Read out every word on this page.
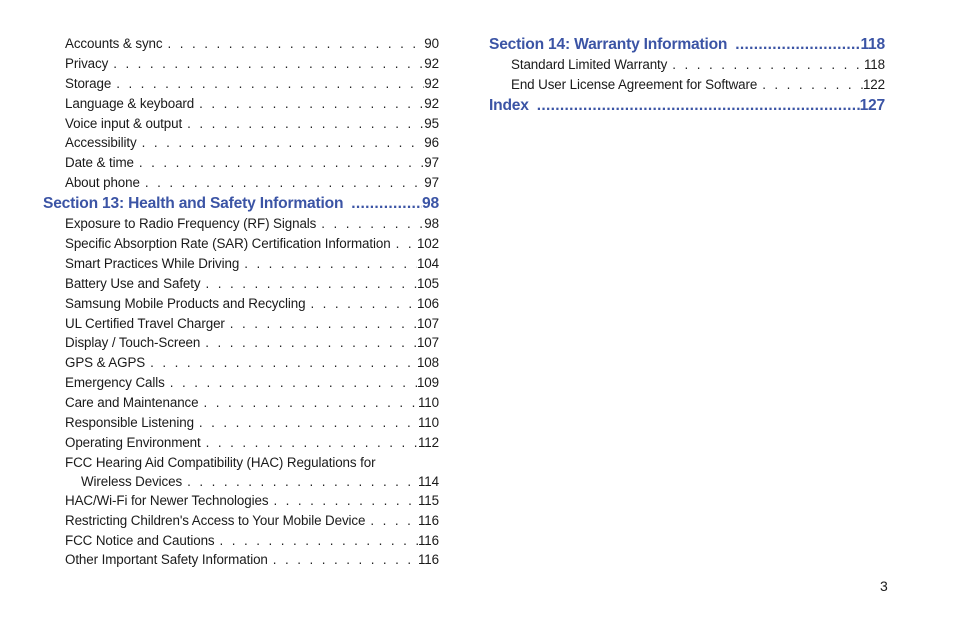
Accounts & sync . . .	90
Privacy . . .	92
Storage . . .	92
Language & keyboard . . .	92
Voice input & output . . .	95
Accessibility . . .	96
Date & time . . .	97
About phone . . .	97
Section 13: Health and Safety Information .....	98
Exposure to Radio Frequency (RF) Signals . . .	98
Specific Absorption Rate (SAR) Certification Information . . . 102
Smart Practices While Driving . . .	104
Battery Use and Safety . . .	105
Samsung Mobile Products and Recycling . . .	106
UL Certified Travel Charger . . .	107
Display / Touch-Screen . . .	107
GPS & AGPS . . .	108
Emergency Calls . . .	109
Care and Maintenance . . .	110
Responsible Listening . . .	110
Operating Environment . . .	112
FCC Hearing Aid Compatibility (HAC) Regulations for
Wireless Devices . . .	114
HAC/Wi-Fi for Newer Technologies . . .	115
Restricting Children's Access to Your Mobile Device . . .	116
FCC Notice and Cautions . . .	116
Other Important Safety Information . . .	116
Section 14: Warranty Information .....	118
Standard Limited Warranty . . .	118
End User License Agreement for Software . . .	122
Index .....	127
3
